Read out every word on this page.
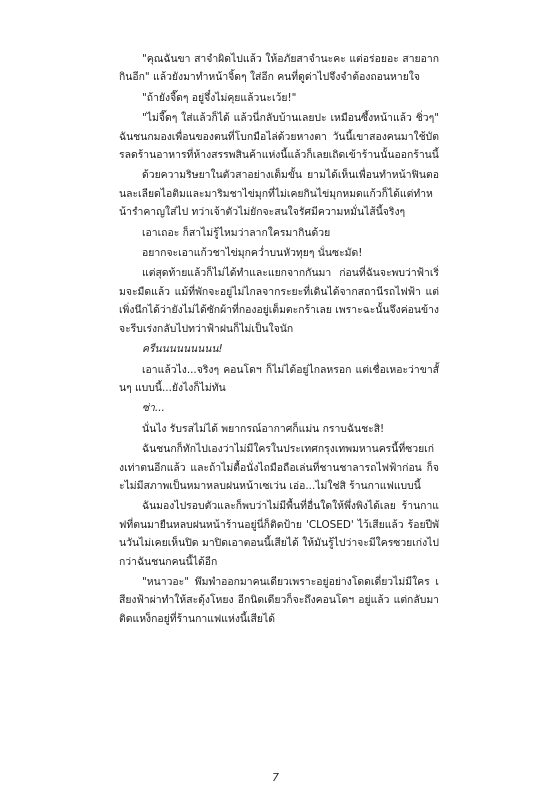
"คุณฉันขา สาจำผิดไปแล้ว ให้อภัยสาจำนะคะ แต่อร่อยอะ สายอากกินอีก" แล้วยังมาทำหน้าจิ้ดๆ ใส่อีก คนที่ดูด่าไปจึงจำต้องถอนหายใจ

"ถ้ายังจี๊ดๆ อยู่จึ๋งไม่คุยแล้วนะเว้ย!"

"ไม่จี๊ดๆ ใส่แล้วก็ได้ แล้วนี่กลับบ้านเลยปะ เหมือนซึ้งหน้าแล้ว ชิ่วๆ" ฉันชนกมองเพื่อนของตนที่โบกมือไล่ด้วยหางตา วันนี้เขาสองคนมาใช้บัตรลดร้านอาหารที่ห้างสรรพสินค้าแห่งนี้แล้วก็เลยเถิดเข้าร้านนั้นออกร้านนี้

ด้วยความริษยาในตัวสาอย่างเต็มขั้น ยามได้เห็นเพื่อนทำหน้าฟินตอนละเลียดไอติมและมาริมชาไข่มุกที่ไม่เคยกินไข่มุกหมดแก้วก็ได้แต่ทำหน้ารำคาญใส่ไป ทว่าเจ้าตัวไม่ยักจะสนใจรัศมีความหมั่นไส้นี้จริงๆ

เอาเถอะ ก็สาไม่รู้ไหมว่าลากใครมากินด้วย

อยากจะเอาแก้วชาไข่มุกคว่ำบนหัวทุยๆ นั่นซะมัด!

แต่สุดท้ายแล้วก็ไม่ได้ทำและแยกจากกันมา ก่อนที่ฉันจะพบว่าฟ้าเริ่มจะมืดแล้ว แม้ที่พักจะอยู่ไม่ไกลจากระยะที่เดินได้จากสถานีรถไฟฟ้า แต่เพิ่งนึกได้ว่ายังไม่ได้ซักผ้าที่กองอยู่เต็มตะกร้าเลย เพราะฉะนั้นจึงค่อนข้างจะรีบเร่งกลับไปทว่าฟ้าฝนก็ไม่เป็นใจนัก

ครืนนนนนนนนน!

เอาแล้วไง...จริงๆ คอนโดฯ ก็ไม่ได้อยู่ไกลหรอก แต่เชื่อเหอะว่าขาสั้นๆ แบบนี้...ยังไงก็ไม่ทัน

ซ่า...

นั่นไง รับรสไม่ได้ พยากรณ์อากาศก็แม่น กราบฉันชะสิ!

ฉันชนกก็ทักไปเองว่าไม่มีใครในประเทศกรุงเทพมหานครนี้ที่ซวยเก่งเท่าตนอีกแล้ว และถ้าไม่ตื้อนั่งไถมือถือเล่นที่ชานชาลารถไฟฟ้าก่อน ก็จะไม่มีสภาพเป็นหมาหลบฝนหน้าเซเว่น เอ่อ...ไม่ใช่สิ ร้านกาแฟแบบนี้

ฉันมองไปรอบตัวและก็พบว่าไม่มีพื้นที่อื่นใดให้พึ่งพิงได้เลย ร้านกาแฟที่ตนมายืนหลบฝนหน้าร้านอยู่นี่ก็ติดป้าย 'CLOSED' ไว้เสียแล้ว ร้อยปีพันวันไม่เคยเห็นปิด มาปิดเอาตอนนี้เสียได้ ให้มันรู้ไปว่าจะมีใครซวยเก่งไปกว่าฉันชนกคนนี้ได้อีก

"หนาวอะ" พึมพำออกมาคนเดียวเพราะอยู่อย่างโดดเดี่ยวไม่มีใคร เสียงฟ้าผ่าทำให้สะดุ้งโหยง อีกนิดเดียวก็จะถึงคอนโดฯ อยู่แล้ว แต่กลับมาติดแหง็กอยู่ที่ร้านกาแฟแห่งนี้เสียได้

7
